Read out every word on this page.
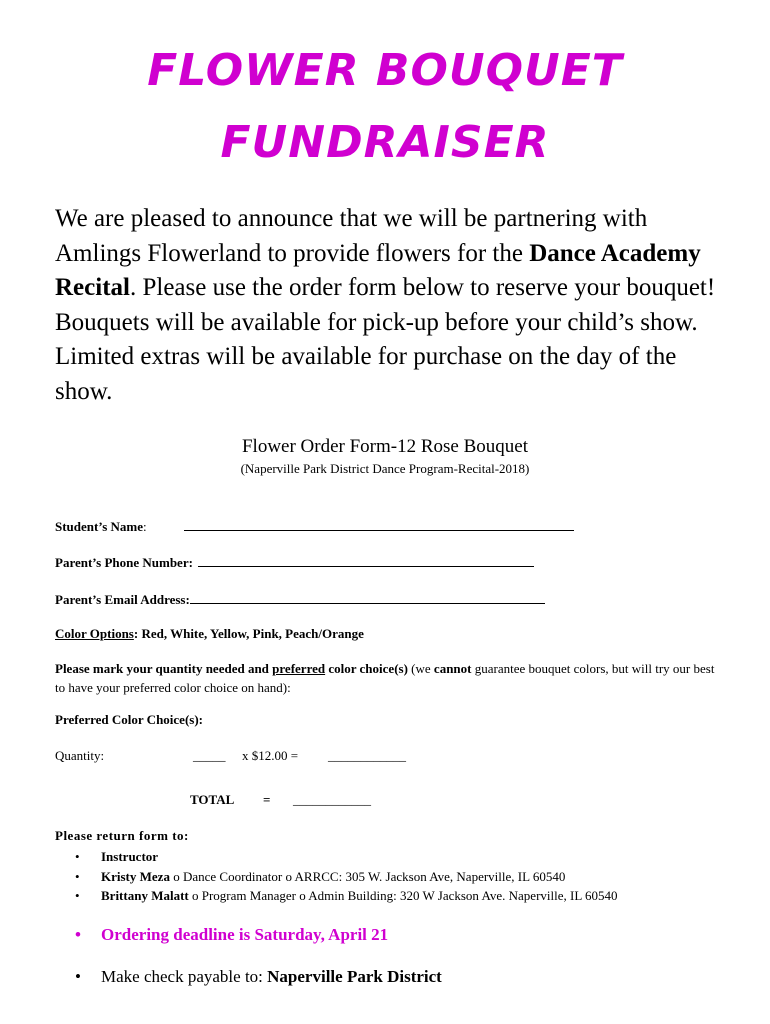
FLOWER BOUQUET
FUNDRAISER
We are pleased to announce that we will be partnering with Amlings Flowerland to provide flowers for the Dance Academy Recital. Please use the order form below to reserve your bouquet! Bouquets will be available for pick-up before your child’s show. Limited extras will be available for purchase on the day of the show.
Flower Order Form-12 Rose Bouquet
(Naperville Park District Dance Program-Recital-2018)
Student’s Name:
Parent’s Phone Number:
Parent’s Email Address:
Color Options: Red, White, Yellow, Pink, Peach/Orange
Please mark your quantity needed and preferred color choice(s) (we cannot guarantee bouquet colors, but will try our best to have your preferred color choice on hand):
Preferred Color Choice(s):
Quantity:	_____ x $12.00 = ____________
TOTAL = ____________
Please return form to:
• Instructor
• Kristy Meza o Dance Coordinator o ARRCC: 305 W. Jackson Ave, Naperville, IL 60540
• Brittany Malatt o Program Manager o Admin Building: 320 W Jackson Ave. Naperville, IL 60540
• Ordering deadline is Saturday, April 21
• Make check payable to: Naperville Park District
